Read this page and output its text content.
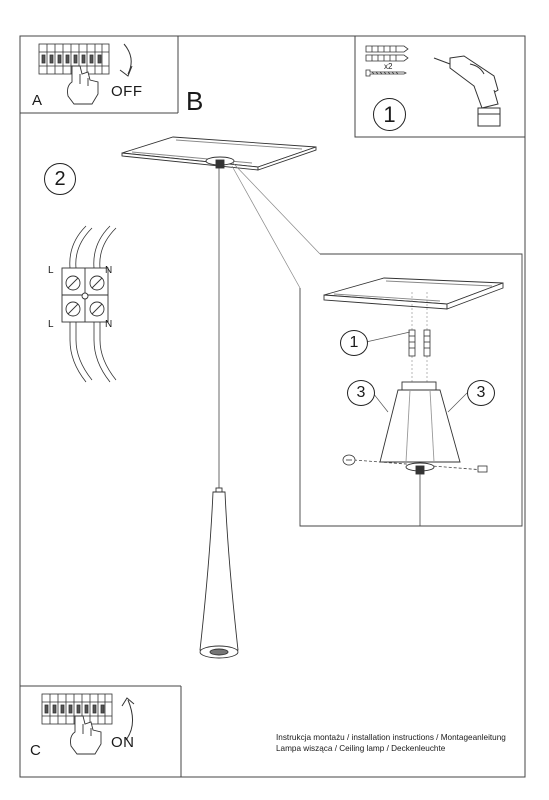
A
OFF B
C	ON
L	N
L	N
x2
1
2
1
3	3
Instrukcja montażu / installation instructions / Montageanleitung
Lampa wisząca / Ceiling lamp / Deckenleuchte
